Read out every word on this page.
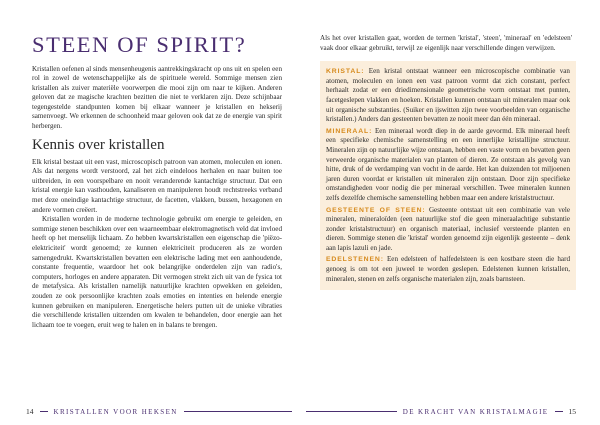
STEEN OF SPIRIT?

Kristallen oefenen al sinds mensenheugenis aantrekkingskracht op ons uit en spelen een rol in zowel de wetenschappelijke als de spirituele wereld. Sommige mensen zien kristallen als zuiver materiële voorwerpen die mooi zijn om naar te kijken. Anderen geloven dat ze magische krachten bezitten die niet te verklaren zijn. Deze schijnbaar tegengestelde standpunten komen bij elkaar wanneer je kristallen en hekserij samenvoegt. We erkennen de schoonheid maar geloven ook dat ze de energie van spirit herbergen.

Kennis over kristallen

Elk kristal bestaat uit een vast, microscopisch patroon van atomen, moleculen en ionen. Als dat nergens wordt verstoord, zal het zich eindeloos herhalen en naar buiten toe uitbreiden, in een voorspelbare en nooit veranderende kantachtige structuur. Dat een kristal energie kan vasthouden, kanaliseren en manipuleren houdt rechtstreeks verband met deze oneindige kantachtige structuur, de facetten, vlakken, bussen, hexagonen en andere vormen creëert.

Kristallen worden in de moderne technologie gebruikt om energie te geleiden, en sommige stenen beschikken over een waarneembaar elektromagnetisch veld dat invloed heeft op het menselijk lichaam. Zo hebben kwartskristallen een eigenschap die 'piëzo-elektriciteit' wordt genoemd; ze kunnen elektriciteit produceren als ze worden samengedrukt. Kwartskristallen bevatten een elektrische lading met een aanhoudende, constante frequentie, waardoor het ook belangrijke onderdelen zijn van radio's, computers, horloges en andere apparaten. Dit vermogen strekt zich uit van de fysica tot de metafysica. Als kristallen namelijk natuurlijke krachten opwekken en geleiden, zouden ze ook persoonlijke krachten zoals emoties en intenties en helende energie kunnen gebruiken en manipuleren. Energetische helers putten uit de unieke vibraties die verschillende kristallen uitzenden om kwalen te behandelen, door energie aan het lichaam toe te voegen, eruit weg te halen en in balans te brengen.

Als het over kristallen gaat, worden de termen 'kristal', 'steen', 'mineraal' en 'edelsteen' vaak door elkaar gebruikt, terwijl ze eigenlijk naar verschillende dingen verwijzen.

KRISTAL: Een kristal ontstaat wanneer een microscopische combinatie van atomen, moleculen en ionen een vast patroon vormt dat zich constant, perfect herhaalt zodat er een driedimensionale geometrische vorm ontstaat met punten, facetgeslepen vlakken en hoeken. Kristallen kunnen ontstaan uit mineralen maar ook uit organische substanties. (Suiker en ijswitten zijn twee voorbeelden van organische kristallen.) Anders dan gesteenten bevatten ze nooit meer dan één mineraal.

MINERAAL: Een mineraal wordt diep in de aarde gevormd. Elk mineraal heeft een specifieke chemische samenstelling en een innerlijke kristallijne structuur. Mineralen zijn op natuurlijke wijze ontstaan, hebben een vaste vorm en bevatten geen verweerde organische materialen van planten of dieren. Ze ontstaan als gevolg van hitte, druk of de verdamping van vocht in de aarde. Het kan duizenden tot miljoenen jaren duren voordat er kristallen uit mineralen zijn ontstaan. Door zijn specifieke omstandigheden voor nodig die per mineraal verschillen. Twee mineralen kunnen zelfs dezelfde chemische samenstelling hebben maar een andere kristalstructuur.

GESTEENTE OF STEEN: Gesteente ontstaat uit een combinatie van vele mineralen, mineraloïden (een natuurlijke stof die geen mineraalachtige substantie zonder kristalstructuur) en organisch materiaal, inclusief versteende planten en dieren. Sommige stenen die 'kristal' worden genoemd zijn eigenlijk gesteente – denk aan lapis lazuli en jade.

EDELSTENEN: Een edelsteen of halfedelsteen is een kostbare steen die hard genoeg is om tot een juweel te worden geslepen. Edelstenen kunnen kristallen, mineralen, stenen en zelfs organische materialen zijn, zoals barnsteen.

14	KRISTALLEN VOOR HEKSEN	DE KRACHT VAN KRISTALMAGIE	15
